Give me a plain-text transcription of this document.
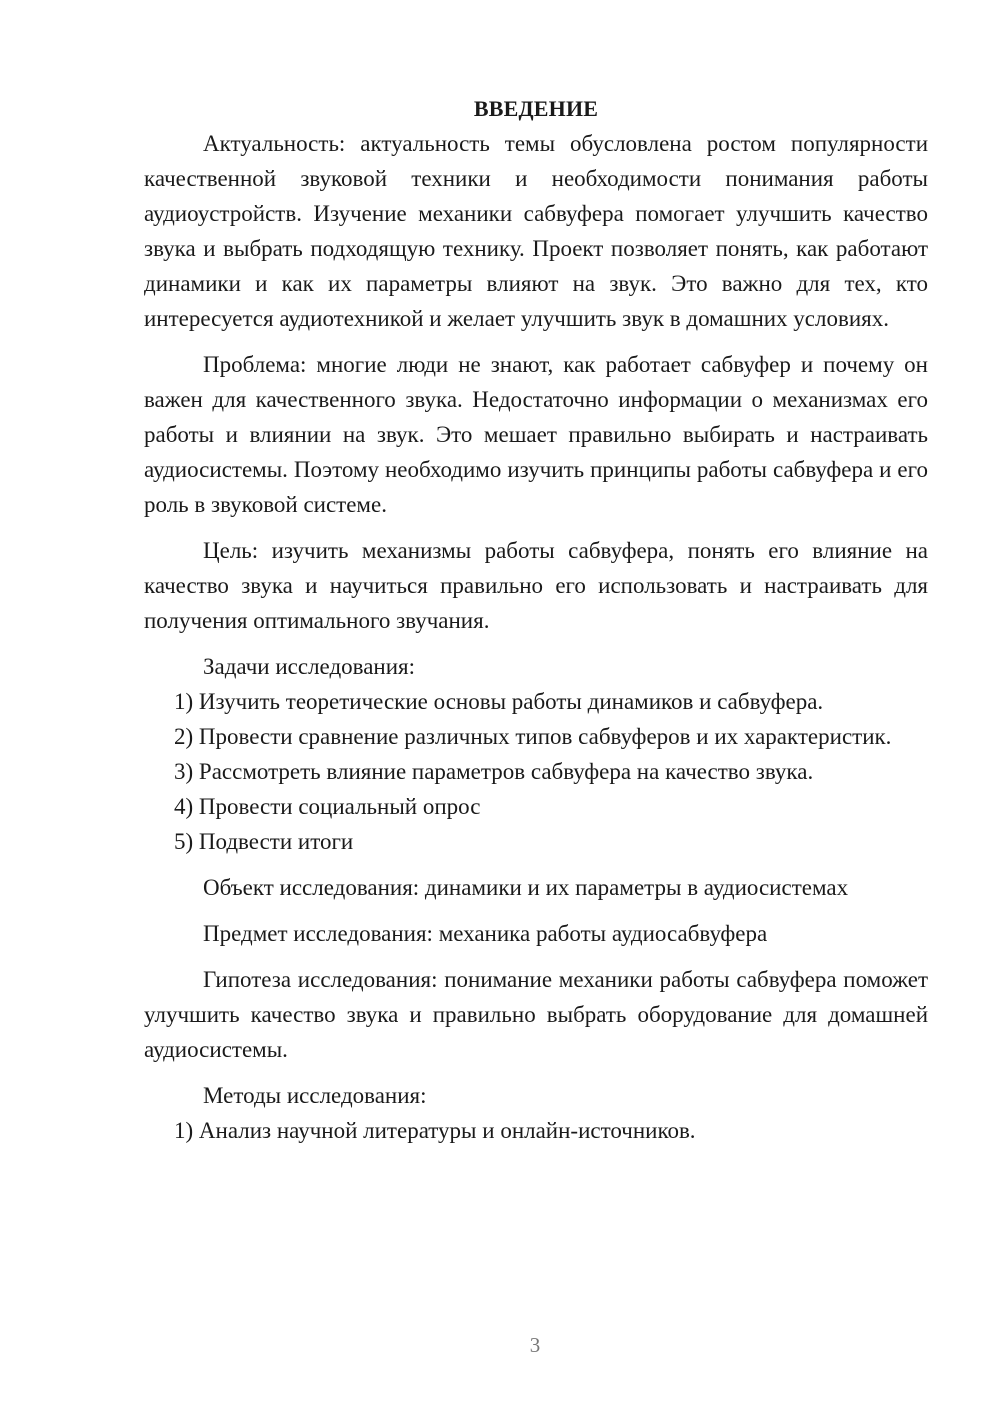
ВВЕДЕНИЕ

Актуальность: актуальность темы обусловлена ростом популярности качественной звуковой техники и необходимости понимания работы аудиоустройств. Изучение механики сабвуфера помогает улучшить качество звука и выбрать подходящую технику. Проект позволяет понять, как работают динамики и как их параметры влияют на звук. Это важно для тех, кто интересуется аудиотехникой и желает улучшить звук в домашних условиях.

Проблема: многие люди не знают, как работает сабвуфер и почему он важен для качественного звука. Недостаточно информации о механизмах его работы и влиянии на звук. Это мешает правильно выбирать и настраивать аудиосистемы. Поэтому необходимо изучить принципы работы сабвуфера и его роль в звуковой системе.

Цель: изучить механизмы работы сабвуфера, понять его влияние на качество звука и научиться правильно его использовать и настраивать для получения оптимального звучания.

Задачи исследования:

1) Изучить теоретические основы работы динамиков и сабвуфера.

2) Провести сравнение различных типов сабвуферов и их характеристик.

3) Рассмотреть влияние параметров сабвуфера на качество звука.

4) Провести социальный опрос

5) Подвести итоги

Объект исследования: динамики и их параметры в аудиосистемах

Предмет исследования: механика работы аудиосабвуфера

Гипотеза исследования: понимание механики работы сабвуфера поможет улучшить качество звука и правильно выбрать оборудование для домашней аудиосистемы.

Методы исследования:

1) Анализ научной литературы и онлайн-источников.

3
